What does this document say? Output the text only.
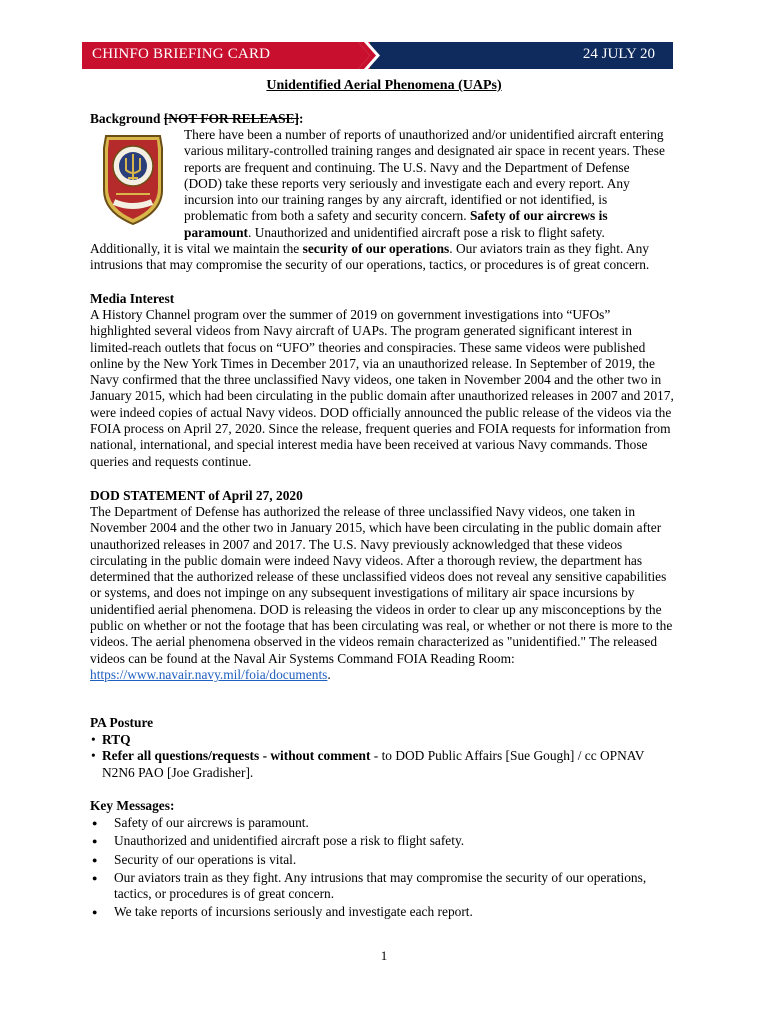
CHINFO BRIEFING CARD	24 JULY 20
Unidentified Aerial Phenomena (UAPs)
Background [NOT FOR RELEASE]:

There have been a number of reports of unauthorized and/or unidentified aircraft entering various military-controlled training ranges and designated air space in recent years. These reports are frequent and continuing. The U.S. Navy and the Department of Defense (DOD) take these reports very seriously and investigate each and every report. Any incursion into our training ranges by any aircraft, identified or not identified, is problematic from both a safety and security concern. Safety of our aircrews is paramount. Unauthorized and unidentified aircraft pose a risk to flight safety. Additionally, it is vital we maintain the security of our operations. Our aviators train as they fight. Any intrusions that may compromise the security of our operations, tactics, or procedures is of great concern.

Media Interest

A History Channel program over the summer of 2019 on government investigations into “UFOs” highlighted several videos from Navy aircraft of UAPs. The program generated significant interest in limited-reach outlets that focus on “UFO” theories and conspiracies. These same videos were published online by the New York Times in December 2017, via an unauthorized release. In September of 2019, the Navy confirmed that the three unclassified Navy videos, one taken in November 2004 and the other two in January 2015, which had been circulating in the public domain after unauthorized releases in 2007 and 2017, were indeed copies of actual Navy videos. DOD officially announced the public release of the videos via the FOIA process on April 27, 2020. Since the release, frequent queries and FOIA requests for information from national, international, and special interest media have been received at various Navy commands. Those queries and requests continue.

DOD STATEMENT of April 27, 2020

The Department of Defense has authorized the release of three unclassified Navy videos, one taken in November 2004 and the other two in January 2015, which have been circulating in the public domain after unauthorized releases in 2007 and 2017. The U.S. Navy previously acknowledged that these videos circulating in the public domain were indeed Navy videos. After a thorough review, the department has determined that the authorized release of these unclassified videos does not reveal any sensitive capabilities or systems, and does not impinge on any subsequent investigations of military air space incursions by unidentified aerial phenomena. DOD is releasing the videos in order to clear up any misconceptions by the public on whether or not the footage that has been circulating was real, or whether or not there is more to the videos. The aerial phenomena observed in the videos remain characterized as "unidentified." The released videos can be found at the Naval Air Systems Command FOIA Reading Room: https://www.navair.navy.mil/foia/documents.

PA Posture
• RTQ
• Refer all questions/requests - without comment - to DOD Public Affairs [Sue Gough] / cc OPNAV N2N6 PAO [Joe Gradisher].
Key Messages:
● Safety of our aircrews is paramount.
● Unauthorized and unidentified aircraft pose a risk to flight safety.
● Security of our operations is vital.
● Our aviators train as they fight. Any intrusions that may compromise the security of our operations, tactics, or procedures is of great concern.
● We take reports of incursions seriously and investigate each report.
1
